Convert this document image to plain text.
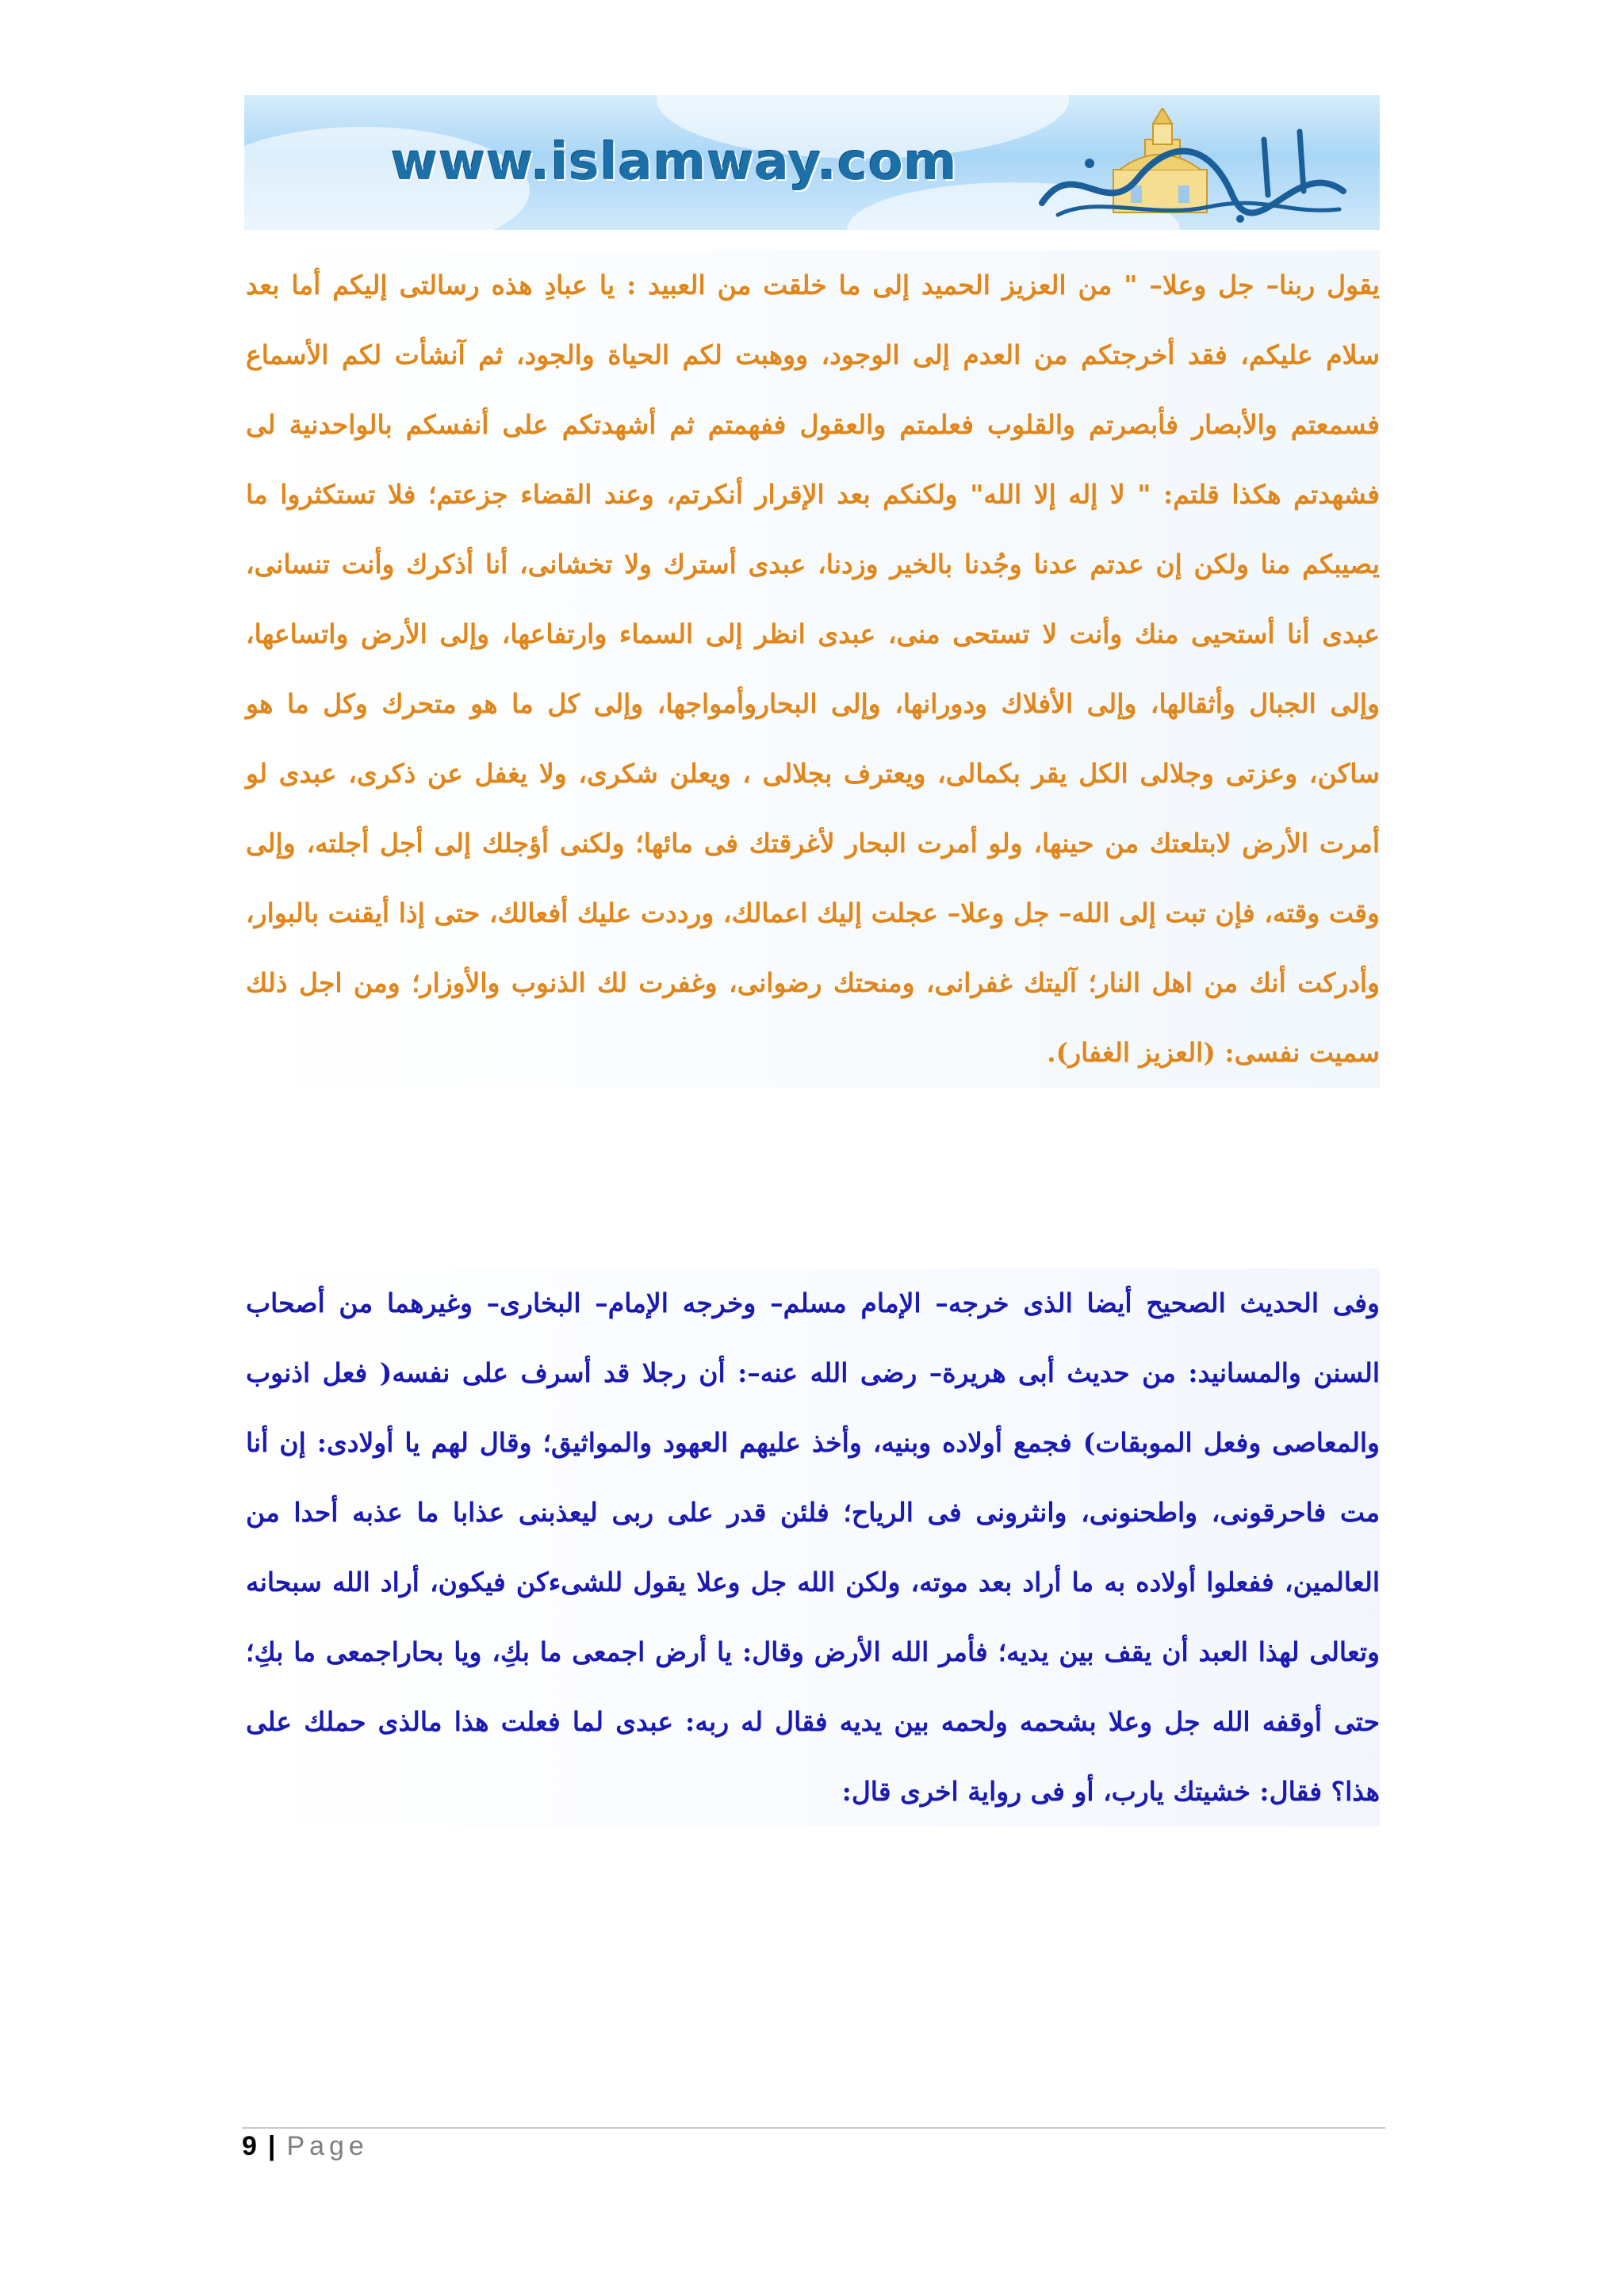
www.islamway.com

يقول ربنا– جل وعلا– " من العزيز الحميد إلى ما خلقت من العبيد : يا عبادِ هذه رسالتى إليكم أما بعد سلام عليكم، فقد أخرجتكم من العدم إلى الوجود، ووهبت لكم الحياة والجود، ثم آنشأت لكم الأسماع فسمعتم والأبصار فأبصرتم والقلوب فعلمتم والعقول ففهمتم ثم أشهدتكم على أنفسكم بالواحدنية لى فشهدتم هكذا قلتم: " لا إله إلا الله" ولكنكم بعد الإقرار أنكرتم، وعند القضاء جزعتم؛ فلا تستكثروا ما يصيبكم منا ولكن إن عدتم عدنا وجُدنا بالخير وزدنا، عبدى أسترك ولا تخشانى، أنا أذكرك وأنت تنسانى، عبدى أنا أستحيى منك وأنت لا تستحى منى، عبدى انظر إلى السماء وارتفاعها، وإلى الأرض واتساعها، وإلى الجبال وأثقالها، وإلى الأفلاك ودورانها، وإلى البحاروأمواجها، وإلى كل ما هو متحرك وكل ما هو ساكن، وعزتى وجلالى الكل يقر بكمالى، ويعترف بجلالى ، ويعلن شكرى، ولا يغفل عن ذكرى، عبدى لو أمرت الأرض لابتلعتك من حينها، ولو أمرت البحار لأغرقتك فى مائها؛ ولكنى أؤجلك إلى أجل أجلته، وإلى وقت وقته، فإن تبت إلى الله– جل وعلا– عجلت إليك اعمالك، ورددت عليك أفعالك، حتى إذا أيقنت بالبوار، وأدركت أنك من اهل النار؛ آليتك غفرانى، ومنحتك رضوانى، وغفرت لك الذنوب والأوزار؛ ومن اجل ذلك سميت نفسى: (العزيز الغفار).

وفى الحديث الصحيح أيضا الذى خرجه– الإمام مسلم– وخرجه الإمام– البخارى– وغيرهما من أصحاب السنن والمسانيد: من حديث أبى هريرة– رضى الله عنه–: أن رجلا قد أسرف على نفسه( فعل اذنوب والمعاصى وفعل الموبقات) فجمع أولاده وبنيه، وأخذ عليهم العهود والمواثيق؛ وقال لهم يا أولادى: إن أنا مت فاحرقونى، واطحنونى، وانثرونى فى الرياح؛ فلئن قدر على ربى ليعذبنى عذابا ما عذبه أحدا من العالمين، ففعلوا أولاده به ما أراد بعد موته، ولكن الله جل وعلا يقول للشىءكن فيكون، أراد الله سبحانه وتعالى لهذا العبد أن يقف بين يديه؛ فأمر الله الأرض وقال: يا أرض اجمعى ما بكِ، ويا بحاراجمعى ما بكِ؛ حتى أوقفه الله جل وعلا بشحمه ولحمه بين يديه فقال له ربه: عبدى لما فعلت هذا مالذى حملك على هذا؟ فقال: خشيتك يارب، أو فى رواية اخرى قال:

9 | Page
